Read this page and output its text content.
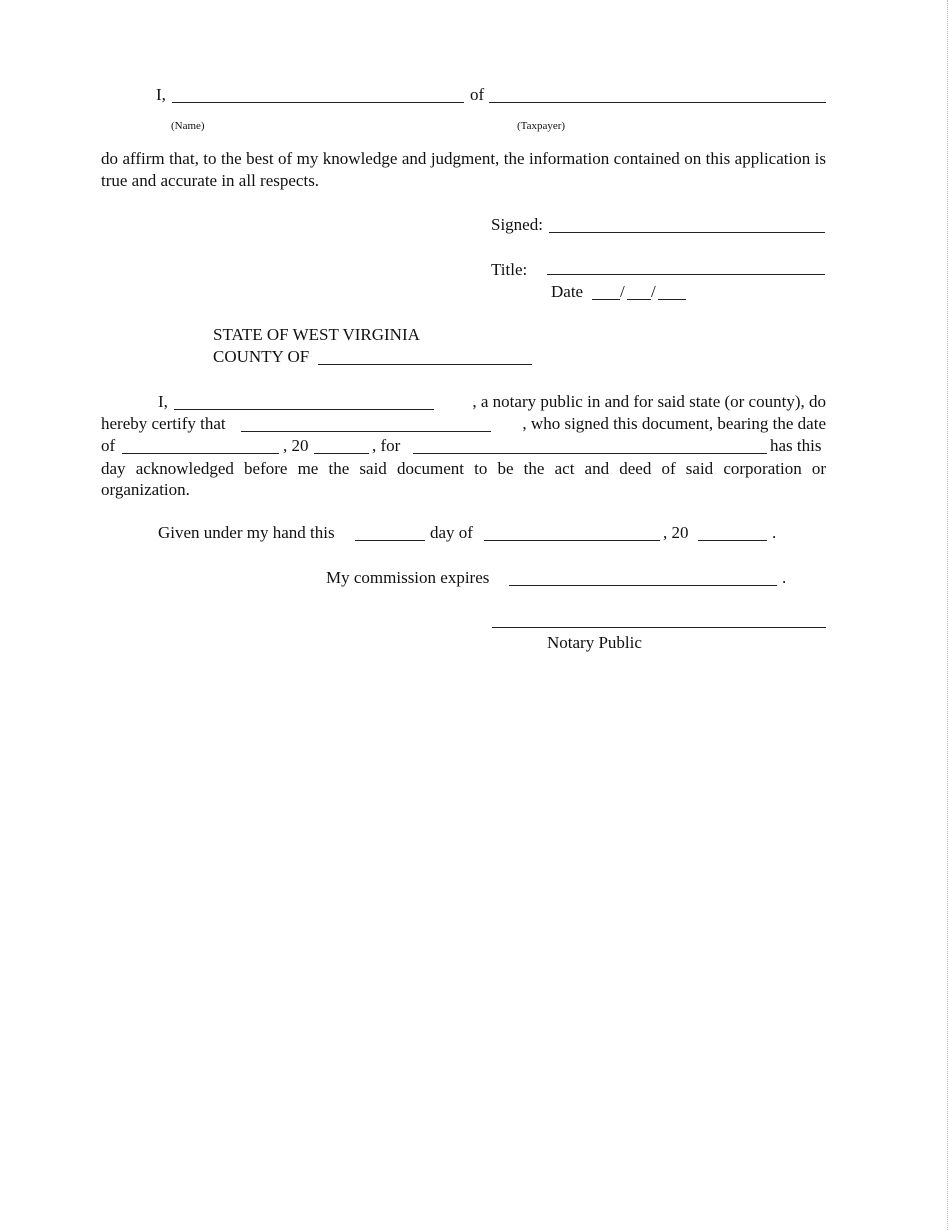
I,	of
(Name)	(Taxpayer)
do affirm that, to the best of my knowledge and judgment, the information contained on this application is true and accurate in all respects.
Signed:
Title:
Date / /
STATE OF WEST VIRGINIA
COUNTY OF
I,	, a notary public in and for said state (or county), do
hereby certify that	, who signed this document, bearing the date
of	, 20	, for	has this
day acknowledged before me the said document to be the act and deed of said corporation or
organization.
Given under my hand this	day of	, 20	.
My commission expires	.
Notary Public
